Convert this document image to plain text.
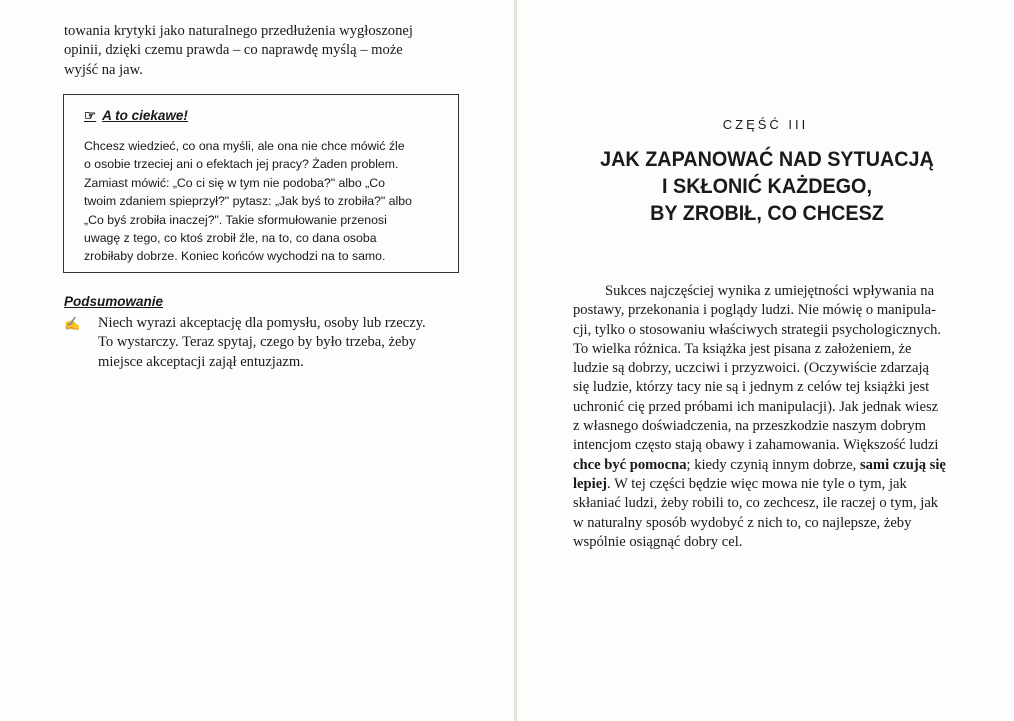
towania krytyki jako naturalnego przedłużenia wygłoszonej
opinii, dzięki czemu prawda – co naprawdę myślą – może
wyjść na jaw.
☞ A to ciekawe!
Chcesz wiedzieć, co ona myśli, ale ona nie chce mówić źle
o osobie trzeciej ani o efektach jej pracy? Żaden problem.
Zamiast mówić: „Co ci się w tym nie podoba?" albo „Co
twoim zdaniem spieprzył?" pytasz: „Jak byś to zrobiła?" albo
„Co byś zrobiła inaczej?". Takie sformułowanie przenosi
uwagę z tego, co ktoś zrobił źle, na to, co dana osoba
zrobiłaby dobrze. Koniec końców wychodzi na to samo.
Podsumowanie
✍ Niech wyrazi akceptację dla pomysłu, osoby lub rzeczy.
To wystarczy. Teraz spytaj, czego by było trzeba, żeby
miejsce akceptacji zajął entuzjazm.
CZĘŚĆ III
JAK ZAPANOWAĆ NAD SYTUACJĄ
I SKŁONIĆ KAŻDEGO,
BY ZROBIŁ, CO CHCESZ
Sukces najczęściej wynika z umiejętności wpływania na
postawy, przekonania i poglądy ludzi. Nie mówię o manipula-
cji, tylko o stosowaniu właściwych strategii psychologicznych.
To wielka różnica. Ta książka jest pisana z założeniem, że
ludzie są dobrzy, uczciwi i przyzwoici. (Oczywiście zdarzają
się ludzie, którzy tacy nie są i jednym z celów tej książki jest
uchronić cię przed próbami ich manipulacji). Jak jednak wiesz
z własnego doświadczenia, na przeszkodzie naszym dobrym
intencjom często stają obawy i zahamowania. Większość ludzi
chce być pomocna; kiedy czynią innym dobrze, sami czują się
lepiej. W tej części będzie więc mowa nie tyle o tym, jak
skłaniać ludzi, żeby robili to, co zechcesz, ile raczej o tym, jak
w naturalny sposób wydobyć z nich to, co najlepsze, żeby
wspólnie osiągnąć dobry cel.
